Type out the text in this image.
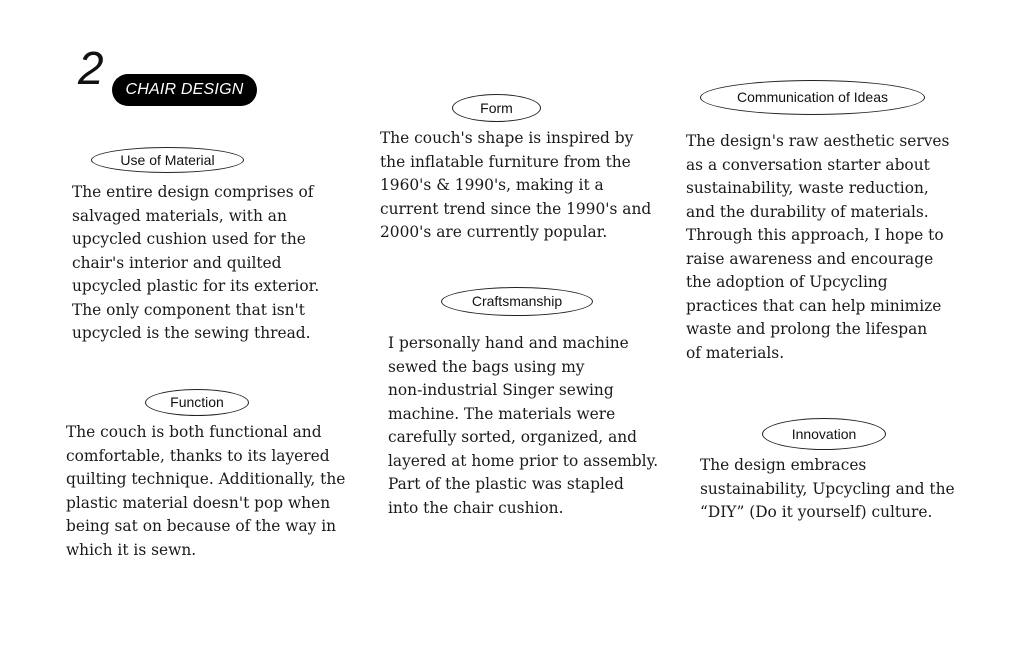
2	CHAIR DESIGN
Use of Material
The entire design comprises of
salvaged materials, with an
upcycled cushion used for the
chair's interior and quilted
upcycled plastic for its exterior.
The only component that isn't
upcycled is the sewing thread.
Function
The couch is both functional and
comfortable, thanks to its layered
quilting technique. Additionally, the
plastic material doesn't pop when
being sat on because of the way in
which it is sewn.
Form
The couch's shape is inspired by
the inflatable furniture from the
1960's & 1990's, making it a
current trend since the 1990's and
2000's are currently popular.
Craftsmanship
I personally hand and machine
sewed the bags using my
non-industrial Singer sewing
machine. The materials were
carefully sorted, organized, and
layered at home prior to assembly.
Part of the plastic was stapled
into the chair cushion.
Communication of Ideas
The design's raw aesthetic serves
as a conversation starter about
sustainability, waste reduction,
and the durability of materials.
Through this approach, I hope to
raise awareness and encourage
the adoption of Upcycling
practices that can help minimize
waste and prolong the lifespan
of materials.
Innovation
The design embraces
sustainability, Upcycling and the
“DIY” (Do it yourself) culture.
